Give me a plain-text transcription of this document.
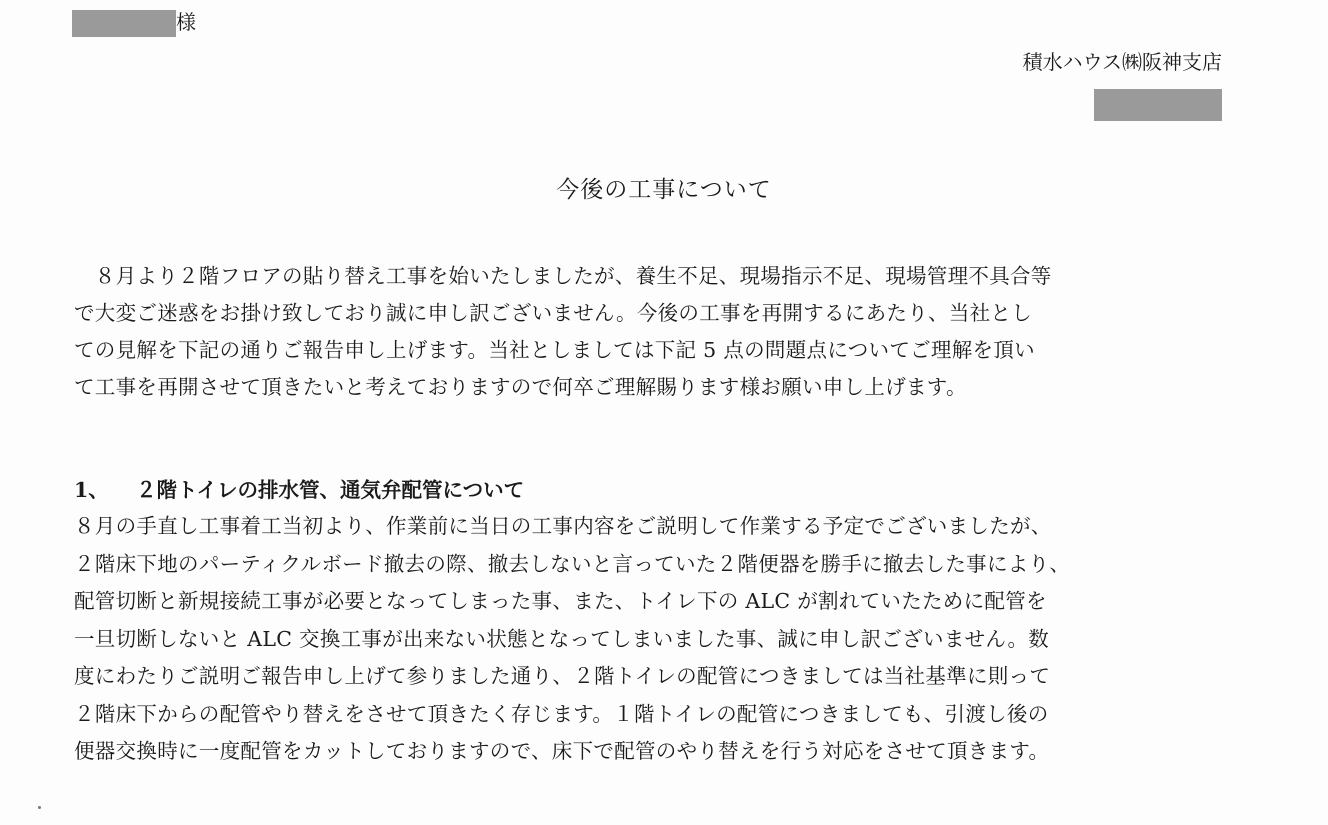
様
積水ハウス㈱阪神支店
今後の工事について
　８月より２階フロアの貼り替え工事を始いたしましたが、養生不足、現場指示不足、現場管理不具合等
で大変ご迷惑をお掛け致しており誠に申し訳ございません。今後の工事を再開するにあたり、当社とし
ての見解を下記の通りご報告申し上げます。当社としましては下記 5 点の問題点についてご理解を頂い
て工事を再開させて頂きたいと考えておりますので何卒ご理解賜ります様お願い申し上げます。
1、 ２階トイレの排水管、通気弁配管について
８月の手直し工事着工当初より、作業前に当日の工事内容をご説明して作業する予定でございましたが、
２階床下地のパーティクルボード撤去の際、撤去しないと言っていた２階便器を勝手に撤去した事により、
配管切断と新規接続工事が必要となってしまった事、また、トイレ下の ALC が割れていたために配管を
一旦切断しないと ALC 交換工事が出来ない状態となってしまいました事、誠に申し訳ございません。数
度にわたりご説明ご報告申し上げて参りました通り、２階トイレの配管につきましては当社基準に則って
２階床下からの配管やり替えをさせて頂きたく存じます。１階トイレの配管につきましても、引渡し後の
便器交換時に一度配管をカットしておりますので、床下で配管のやり替えを行う対応をさせて頂きます。
